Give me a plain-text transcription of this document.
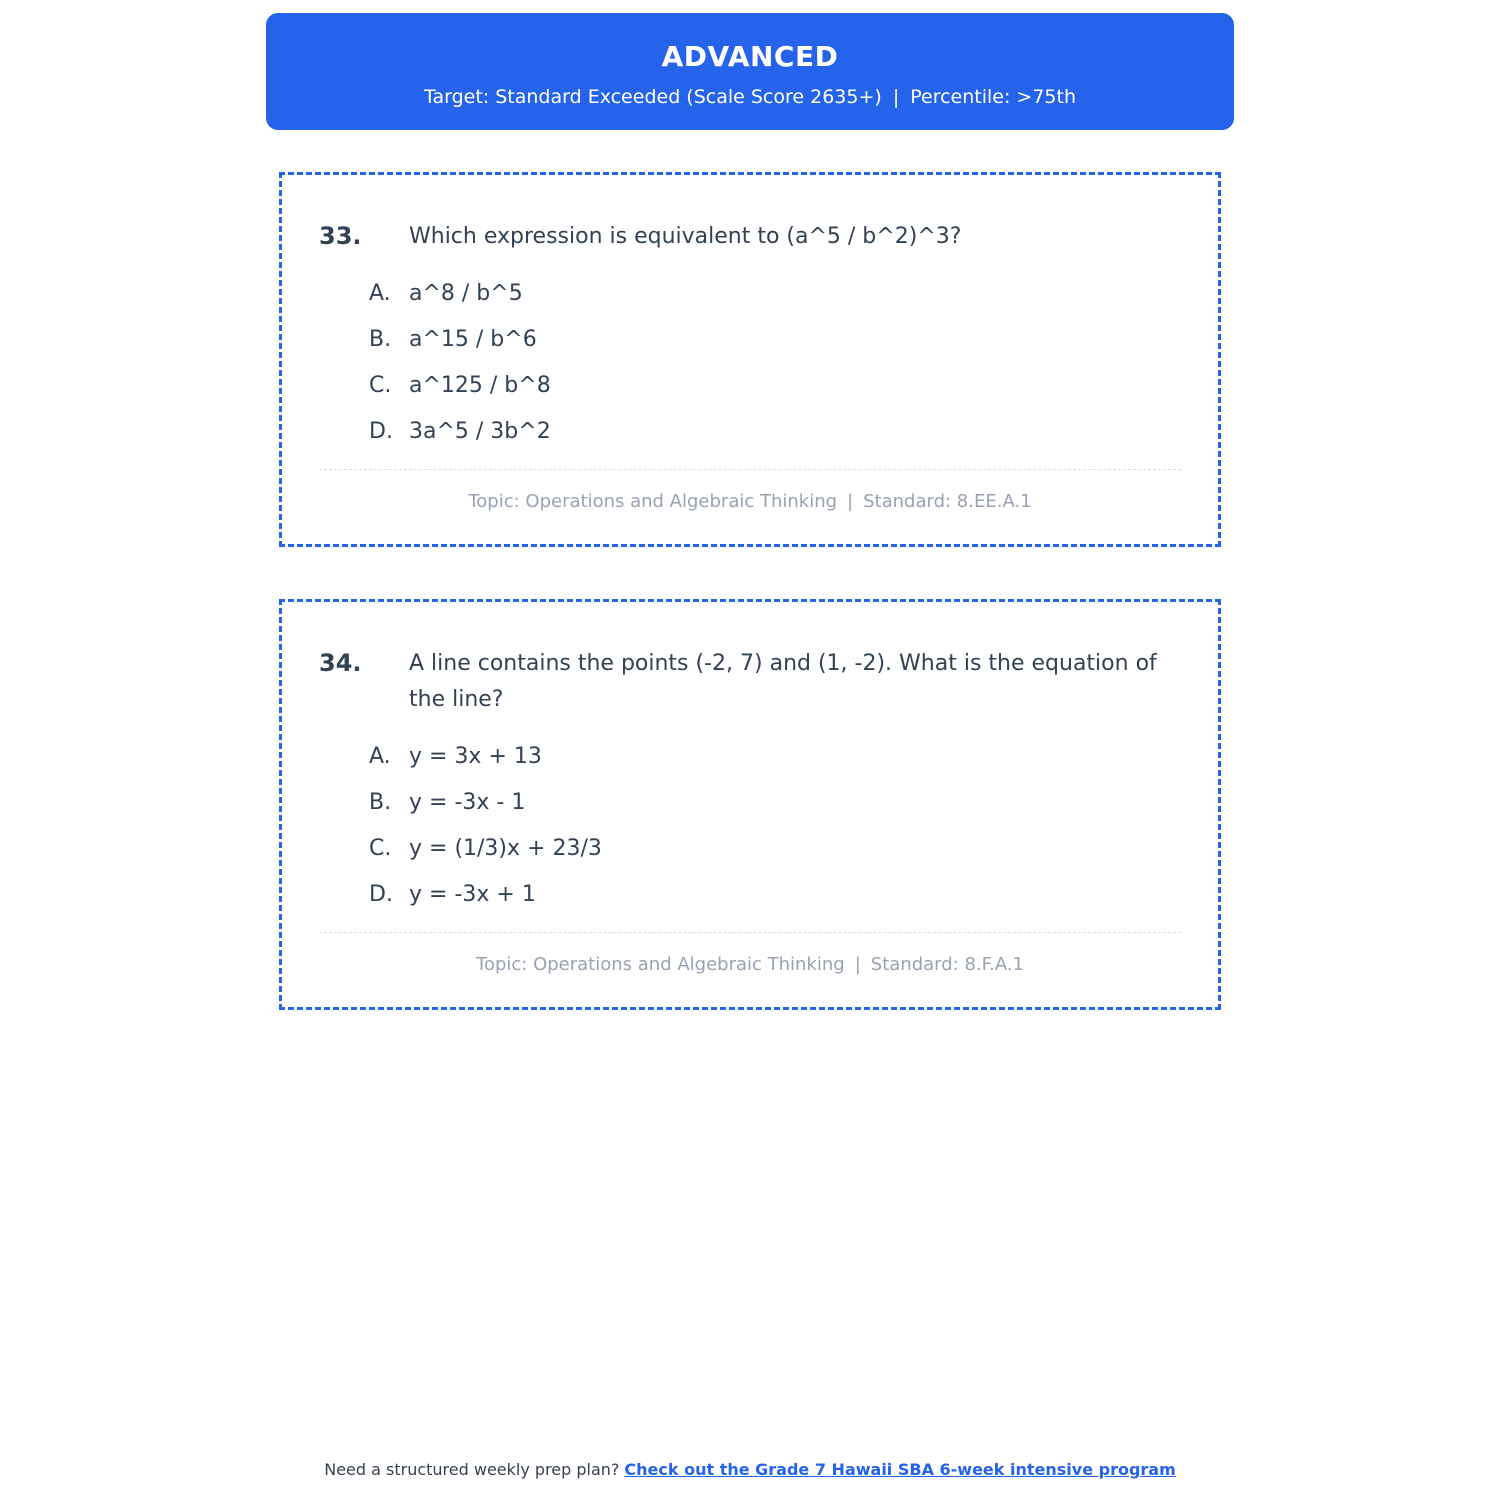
ADVANCED
Target: Standard Exceeded (Scale Score 2635+) | Percentile: >75th
33.	Which expression is equivalent to (a^5 / b^2)^3?

A. a^8 / b^5
B. a^15 / b^6
C. a^125 / b^8
D. 3a^5 / 3b^2
Topic: Operations and Algebraic Thinking | Standard: 8.EE.A.1
34.	A line contains the points (-2, 7) and (1, -2). What is the equation of the line?

A. y = 3x + 13
B. y = -3x - 1
C. y = (1/3)x + 23/3
D. y = -3x + 1
Topic: Operations and Algebraic Thinking | Standard: 8.F.A.1
Need a structured weekly prep plan? Check out the Grade 7 Hawaii SBA 6-week intensive program
